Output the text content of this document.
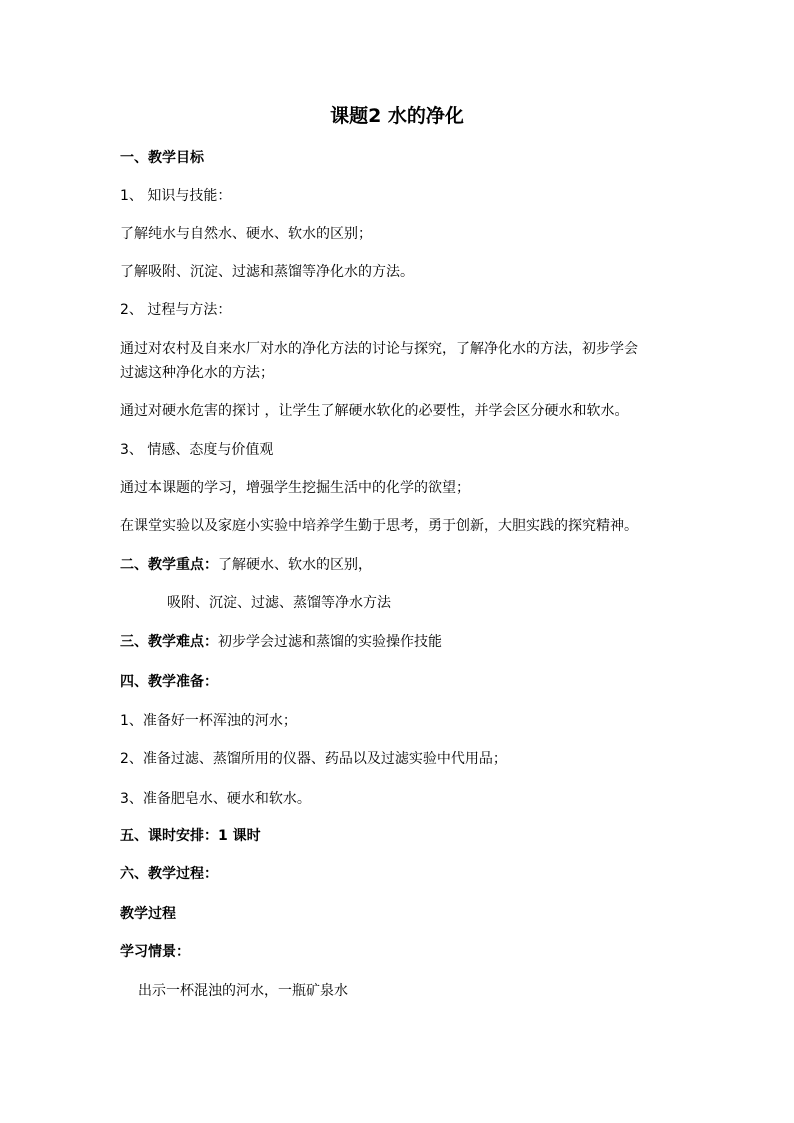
课题2 水的净化
一、教学目标
1、 知识与技能：
了解纯水与自然水、硬水、软水的区别；
了解吸附、沉淀、过滤和蒸馏等净化水的方法。
2、 过程与方法：
通过对农村及自来水厂对水的净化方法的讨论与探究，了解净化水的方法，初步学会
过滤这种净化水的方法；
通过对硬水危害的探讨 ，让学生了解硬水软化的必要性，并学会区分硬水和软水。
3、 情感、态度与价值观
通过本课题的学习，增强学生挖掘生活中的化学的欲望；
在课堂实验以及家庭小实验中培养学生勤于思考，勇于创新，大胆实践的探究精神。
二、教学重点：了解硬水、软水的区别，
吸附、沉淀、过滤、蒸馏等净水方法
三、教学难点：初步学会过滤和蒸馏的实验操作技能
四、教学准备：
1、准备好一杯浑浊的河水；
2、准备过滤、蒸馏所用的仪器、药品以及过滤实验中代用品；
3、准备肥皂水、硬水和软水。
五、课时安排：1 课时
六、教学过程：
教学过程
学习情景：
出示一杯混浊的河水，一瓶矿泉水
